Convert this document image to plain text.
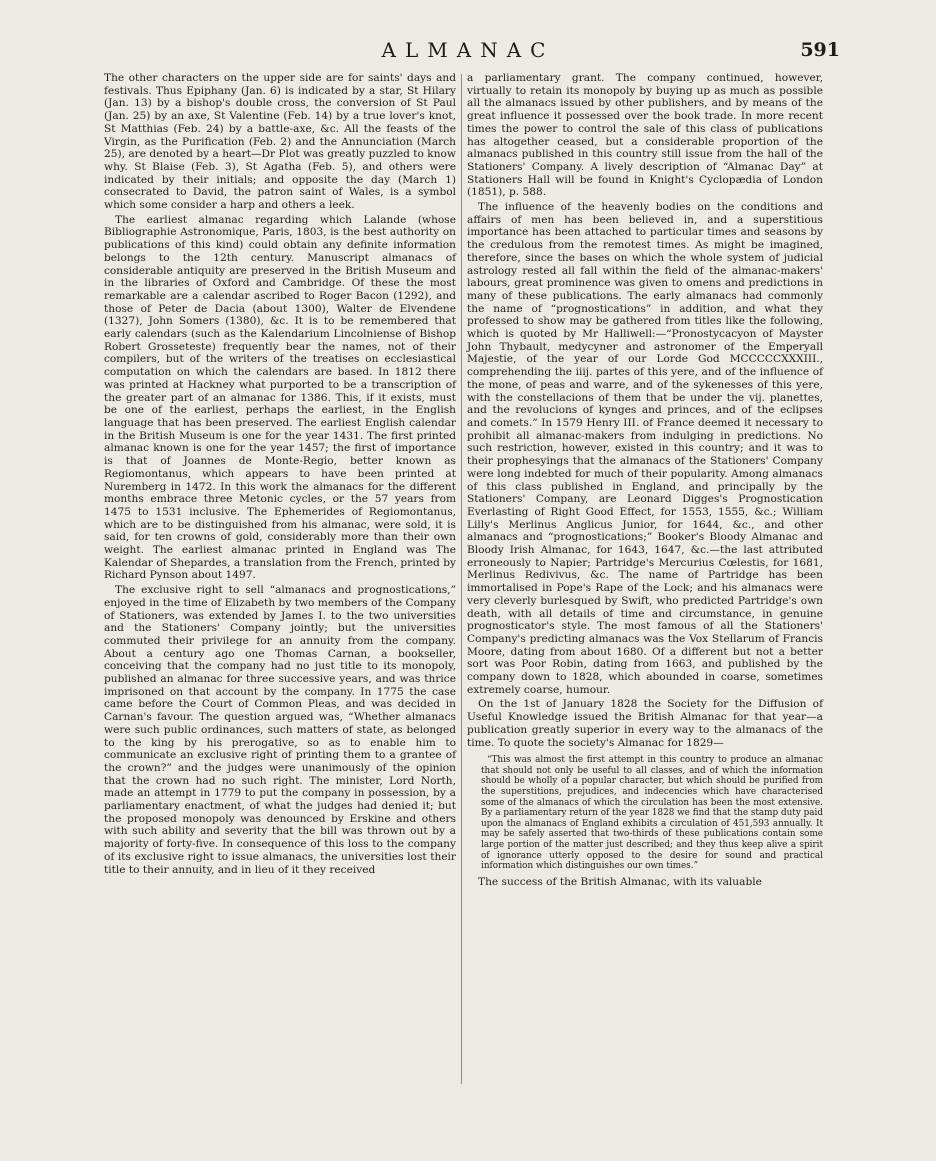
ALMANAC	591

The other characters on the upper side are for saints' days and festivals. Thus Epiphany (Jan. 6) is indicated by a star, St Hilary (Jan. 13) by a bishop's double cross, the conversion of St Paul (Jan. 25) by an axe, St Valentine (Feb. 14) by a true lover's knot, St Matthias (Feb. 24) by a battle-axe, &c. All the feasts of the Virgin, as the Purification (Feb. 2) and the Annunciation (March 25), are denoted by a heart—Dr Plot was greatly puzzled to know why. St Blaise (Feb. 3), St Agatha (Feb. 5), and others were indicated by their initials; and opposite the day (March 1) consecrated to David, the patron saint of Wales, is a symbol which some consider a harp and others a leek.

The earliest almanac regarding which Lalande (whose Bibliographie Astronomique, Paris, 1803, is the best authority on publications of this kind) could obtain any definite information belongs to the 12th century. Manuscript almanacs of considerable antiquity are preserved in the British Museum and in the libraries of Oxford and Cambridge. Of these the most remarkable are a calendar ascribed to Roger Bacon (1292), and those of Peter de Dacia (about 1300), Walter de Elvendene (1327), John Somers (1380), &c. It is to be remembered that early calendars (such as the Kalendarium Lincolniense of Bishop Robert Grosseteste) frequently bear the names, not of their compilers, but of the writers of the treatises on ecclesiastical computation on which the calendars are based. In 1812 there was printed at Hackney what purported to be a transcription of the greater part of an almanac for 1386. This, if it exists, must be one of the earliest, perhaps the earliest, in the English language that has been preserved. The earliest English calendar in the British Museum is one for the year 1431. The first printed almanac known is one for the year 1457; the first of importance is that of Joannes de Monte-Regio, better known as Regiomontanus, which appears to have been printed at Nuremberg in 1472. In this work the almanacs for the different months embrace three Metonic cycles, or the 57 years from 1475 to 1531 inclusive. The Ephemerides of Regiomontanus, which are to be distinguished from his almanac, were sold, it is said, for ten crowns of gold, considerably more than their own weight. The earliest almanac printed in England was The Kalendar of Shepardes, a translation from the French, printed by Richard Pynson about 1497.

The exclusive right to sell “almanacs and prognostications,” enjoyed in the time of Elizabeth by two members of the Company of Stationers, was extended by James I. to the two universities and the Stationers' Company jointly; but the universities commuted their privilege for an annuity from the company. About a century ago one Thomas Carnan, a bookseller, conceiving that the company had no just title to its monopoly, published an almanac for three successive years, and was thrice imprisoned on that account by the company. In 1775 the case came before the Court of Common Pleas, and was decided in Carnan's favour. The question argued was, “Whether almanacs were such public ordinances, such matters of state, as belonged to the king by his prerogative, so as to enable him to communicate an exclusive right of printing them to a grantee of the crown?” and the judges were unanimously of the opinion that the crown had no such right. The minister, Lord North, made an attempt in 1779 to put the company in possession, by a parliamentary enactment, of what the judges had denied it; but the proposed monopoly was denounced by Erskine and others with such ability and severity that the bill was thrown out by a majority of forty-five. In consequence of this loss to the company of its exclusive right to issue almanacs, the universities lost their title to their annuity, and in lieu of it they received

a parliamentary grant. The company continued, however, virtually to retain its monopoly by buying up as much as possible all the almanacs issued by other publishers, and by means of the great influence it possessed over the book trade. In more recent times the power to control the sale of this class of publications has altogether ceased, but a considerable proportion of the almanacs published in this country still issue from the hall of the Stationers' Company. A lively description of “Almanac Day” at Stationers Hall will be found in Knight's Cyclopædia of London (1851), p. 588.

The influence of the heavenly bodies on the conditions and affairs of men has been believed in, and a superstitious importance has been attached to particular times and seasons by the credulous from the remotest times. As might be imagined, therefore, since the bases on which the whole system of judicial astrology rested all fall within the field of the almanac-makers' labours, great prominence was given to omens and predictions in many of these publications. The early almanacs had commonly the name of “prognostications” in addition, and what they professed to show may be gathered from titles like the following, which is quoted by Mr Halliwell:—“Pronostycacyon of Mayster John Thybault, medycyner and astronomer of the Emperyall Majestie, of the year of our Lorde God MCCCCCXXXIII., comprehending the iiij. partes of this yere, and of the influence of the mone, of peas and warre, and of the sykenesses of this yere, with the constellacions of them that be under the vij. planettes, and the revolucions of kynges and princes, and of the eclipses and comets.” In 1579 Henry III. of France deemed it necessary to prohibit all almanac-makers from indulging in predictions. No such restriction, however, existed in this country; and it was to their prophesyings that the almanacs of the Stationers' Company were long indebted for much of their popularity. Among almanacs of this class published in England, and principally by the Stationers' Company, are Leonard Digges's Prognostication Everlasting of Right Good Effect, for 1553, 1555, &c.; William Lilly's Merlinus Anglicus Junior, for 1644, &c., and other almanacs and “prognostications;” Booker's Bloody Almanac and Bloody Irish Almanac, for 1643, 1647, &c.—the last attributed erroneously to Napier; Partridge's Mercurius Cœlestis, for 1681, Merlinus Redivivus, &c. The name of Partridge has been immortalised in Pope's Rape of the Lock; and his almanacs were very cleverly burlesqued by Swift, who predicted Partridge's own death, with all details of time and circumstance, in genuine prognosticator's style. The most famous of all the Stationers' Company's predicting almanacs was the Vox Stellarum of Francis Moore, dating from about 1680. Of a different but not a better sort was Poor Robin, dating from 1663, and published by the company down to 1828, which abounded in coarse, sometimes extremely coarse, humour.

On the 1st of January 1828 the Society for the Diffusion of Useful Knowledge issued the British Almanac for that year—a publication greatly superior in every way to the almanacs of the time. To quote the society's Almanac for 1829—

“This was almost the first attempt in this country to produce an almanac that should not only be useful to all classes, and of which the information should be wholly of a popular character, but which should be purified from the superstitions, prejudices, and indecencies which have characterised some of the almanacs of which the circulation has been the most extensive. By a parliamentary return of the year 1828 we find that the stamp duty paid upon the almanacs of England exhibits a circulation of 451,593 annually. It may be safely asserted that two-thirds of these publications contain some large portion of the matter just described; and they thus keep alive a spirit of ignorance utterly opposed to the desire for sound and practical information which distinguishes our own times.”

The success of the British Almanac, with its valuable
